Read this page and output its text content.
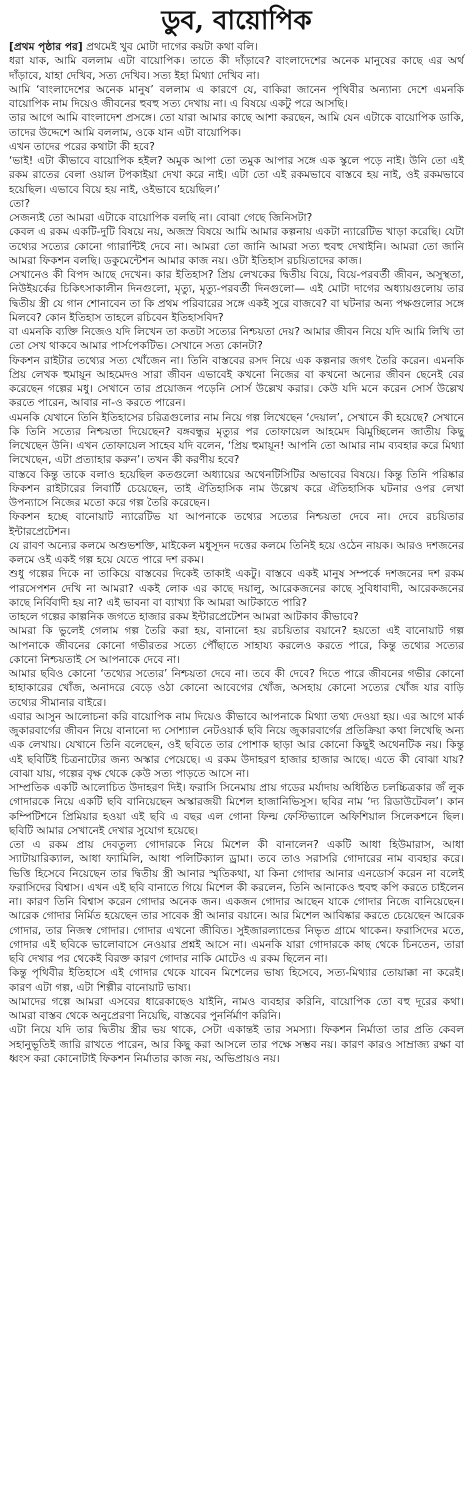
ডুব, বায়োপিক

[প্রথম পৃষ্ঠার পর] প্রথমেই খুব মোটা দাগের কয়টা কথা বলি।

ধরা যাক, আমি বললাম এটা বায়োপিক। তাতে কী দাঁড়াবে? বাংলাদেশের অনেক মানুষের কাছে এর অর্থ দাঁড়াবে, যাহা দেখিব, সত্য দেখিব। সত্য ইহা মিথ্যা দেখিব না।

আমি ‘বাংলাদেশের অনেক মানুষ’ বললাম এ কারণে যে, বাকিরা জানেন পৃথিবীর অন্যান্য দেশে এমনকি বায়োপিক নাম দিয়েও জীবনের হুবহু সত্য দেখায় না। এ বিষয়ে একটু পরে আসছি।

তার আগে আমি বাংলাদেশ প্রসঙ্গে। তো যারা আমার কাছে আশা করছেন, আমি যেন এটাকে বায়োপিক ডাকি, তাদের উদ্দেশে আমি বললাম, ওকে যান এটা বায়োপিক।

এখন তাদের পরের কথাটা কী হবে?

‘ভাই! এটা কীভাবে বায়োপিক হইল? অমুক আপা তো তমুক আপার সঙ্গে এক স্কুলে পড়ে নাই। উনি তো এই রকম রাতের বেলা ওয়াল টপকাইয়া দেখা করে নাই। এটা তো এই রকমভাবে বাস্তবে হয় নাই, ওই রকমভাবে হয়েছিল। এভাবে বিয়ে হয় নাই, ওইভাবে হয়েছিল।’

তো?

সেজন্যই তো আমরা এটাকে বায়োপিক বলছি না। বোঝা গেছে জিনিসটা?

কেবল এ রকম একটি-দুটি বিষয়ে নয়, অজস্র বিষয়ে আমি আমার কল্পনায় একটা ন্যারেটিভ খাড়া করেছি। যেটা তথ্যের সত্যের কোনো গ্যারান্টিই দেবে না। আমরা তো জানি আমরা সত্য হুবহু দেখাইনি। আমরা তো জানি আমরা ফিকশন বলছি। ডকুমেন্টেশন আমার কাজ নয়। ওটা ইতিহাস রচয়িতাদের কাজ।

সেখানেও কী বিপদ আছে দেখেন। কার ইতিহাস? প্রিয় লেখকের দ্বিতীয় বিয়ে, বিয়ে-পরবর্তী জীবন, অসুস্থতা, নিউইয়র্কের চিকিৎসাকালীন দিনগুলো, মৃত্যু, মৃত্যু-পরবর্তী দিনগুলো— এই মোটা দাগের অধ্যায়গুলোয় তার দ্বিতীয় স্ত্রী যে গান শোনাবেন তা কি প্রথম পরিবারের সঙ্গে একই সুরে বাজবে? বা ঘটনার অন্য পক্ষগুলোর সঙ্গে মিলবে? কোন ইতিহাস তাহলে রচিবেন ইতিহাসবিদ?

বা এমনকি ব্যক্তি নিজেও যদি লিখেন তা কতটা সত্যের নিশ্চয়তা দেয়? আমার জীবন নিয়ে যদি আমি লিখি তা তো সেখ থাকবে আমার পার্সপেকটিভ। সেখানে সত্য কোনটা?

ফিকশন রাইটার তথ্যের সত্য খোঁজেন না। তিনি বাস্তবের রসদ নিয়ে এক কল্পনার জগৎ তৈরি করেন। এমনকি প্রিয় লেখক হুমায়ূন আহমেদও সারা জীবন এভাবেই কখনো নিজের বা কখনো অন্যের জীবন ছেনেই বের করেছেন গল্পের মধু। সেখানে তার প্রয়োজন পড়েনি সোর্স উল্লেখ করার। কেউ যদি মনে করেন সোর্স উল্লেখ করতে পারেন, আবার না-ও করতে পারেন।

এমনকি যেখানে তিনি ইতিহাসের চরিত্রগুলোর নাম নিয়ে গল্প লিখেছেন ‘দেয়াল’, সেখানে কী হয়েছে? সেখানে কি তিনি সত্যের নিশ্চয়তা দিয়েছেন? বঙ্গবন্ধুর মৃত্যুর পর তোফায়েল আহমেদ ঝিমুচ্ছিলেন জাতীয় কিছু লিখেছেন উনি। এখন তোফায়েল সাহেব যদি বলেন, ‘প্রিয় হুমায়ূন! আপনি তো আমার নাম ব্যবহার করে মিথ্যা লিখেছেন, এটা প্রত্যাহার করুন’। তখন কী করণীয় হবে?

বাস্তবে কিন্তু তাকে বলাও হয়েছিল কতগুলো অধ্যায়ের অথেনটিসিটির অভাবের বিষয়ে। কিন্তু তিনি পরিষ্কার ফিকশন রাইটারের লিবার্টি চেয়েছেন, তাই ঐতিহাসিক নাম উল্লেখ করে ঐতিহাসিক ঘটনার ওপর লেখা উপন্যাসে নিজের মতো করে গল্প তৈরি করেছেন।

ফিকশন হচ্ছে বানোয়াট ন্যারেটিভ যা আপনাকে তথ্যের সত্যের নিশ্চয়তা দেবে না। দেবে রচয়িতার ইন্টারপ্রেটেশন।

যে রাবণ অন্যের কলমে অশুভশক্তি, মাইকেল মধুসূদন দত্তের কলমে তিনিই হয়ে ওঠেন নায়ক। আরও দশজনের কলমে ওই একই গল্প হয়ে যেতে পারে দশ রকম।

শুধু গল্পের দিকে না তাকিয়ে বাস্তবের দিকেই তাকাই একটু। বাস্তবে একই মানুষ সম্পর্কে দশজনের দশ রকম পারসেপশন দেখি না আমরা? একই লোক এর কাছে দয়ালু, আরেকজনের কাছে সুবিধাবাদী, আরেকজনের কাছে নির্বিবাদী হয় না? এই ভাবনা বা ব্যাখ্যা কি আমরা আটকাতে পারি?

তাহলে গল্পের কাল্পনিক জগতে হাজার রকম ইন্টারপ্রেটেশন আমরা আটকাব কীভাবে?

আমরা কি ভুলেই গেলাম গল্প তৈরি করা হয়, বানানো হয় রচয়িতার বয়ানে? হয়তো এই বানোয়াট গল্প আপনাকে জীবনের কোনো গভীরতর সত্যে পৌঁছাতে সাহায্য করলেও করতে পারে, কিন্তু তথ্যের সত্যের কোনো নিশ্চয়তাই সে আপনাকে দেবে না।

আমার ছবিও কোনো ‘তথ্যের সত্যের’ নিশ্চয়তা দেবে না। তবে কী দেবে? দিতে পারে জীবনের গভীর কোনো হাহাকারের খোঁজ, অনাদরে বেড়ে ওঠা কোনো আবেগের খোঁজ, অসহায় কোনো সত্যের খোঁজ যার বাড়ি তথ্যের সীমানার বাইরে।

এবার আসুন আলোচনা করি বায়োপিক নাম দিয়েও কীভাবে আপনাকে মিথ্যা তথ্য দেওয়া হয়। এর আগে মার্ক জুকারবার্গের জীবন নিয়ে বানানো দ্য সোশ্যাল নেটওয়ার্ক ছবি নিয়ে জুকারবার্গের প্রতিক্রিয়া কথা লিখেছি অন্য এক লেখায়। যেখানে তিনি বলেছেন, ওই ছবিতে তার পোশাক ছাড়া আর কোনো কিছুই অথেনটিক নয়। কিন্তু এই ছবিটিই চিত্রনাট্যের জন্য অস্কার পেয়েছে। এ রকম উদাহরণ হাজার হাজার আছে। এতে কী বোঝা যায়? বোঝা যায়, গল্পের বৃক্ষ থেকে কেউ সত্য পাড়তে আসে না।

সাম্প্রতিক একটি আলোচিত উদাহরণ দিই। ফরাসি সিনেমায় প্রায় গডের মর্যাদায় অধিষ্ঠিত চলচ্চিত্রকার জঁ লুক গোদারকে নিয়ে একটি ছবি বানিয়েছেন অস্কারজয়ী মিশেল হাজানিভিসুস। ছবির নাম ‘দ্য রিডাউটেবল’। কান কম্পিটিশনে প্রিমিয়ার হওয়া এই ছবি এ বছর এল গোনা ফিল্ম ফেস্টিভ্যালে অফিশিয়াল সিলেকশনে ছিল। ছবিটি আমার সেখানেই দেখার সুযোগ হয়েছে।

তো এ রকম প্রায় দেবতুল্য গোদারকে নিয়ে মিশেল কী বানালেন? একটি আধা হিউমারাস, আধা স্যাটায়ারিক্যাল, আধা ফ্যামিলি, আধা পলিটিক্যাল ড্রামা। তবে তাও সরাসরি গোদারের নাম ব্যবহার করে। ভিত্তি হিসেবে নিয়েছেন তার দ্বিতীয় স্ত্রী আনার স্মৃতিকথা, যা কিনা গোদার আনার এনডোর্স করেন না বলেই ফরাসিদের বিশ্বাস। এখন এই ছবি বানাতে গিয়ে মিশেল কী করলেন, তিনি আনাকেও হুবহু কপি করতে চাইলেন না। কারণ তিনি বিশ্বাস করেন গোদার অনেক জন। একজন গোদার আছেন যাকে গোদার নিজে বানিয়েছেন। আরেক গোদার নির্মিত হয়েছেন তার সাবেক স্ত্রী আনার বয়ানে। আর মিশেল আবিষ্কার করতে চেয়েছেন আরেক গোদার, তার নিজস্ব গোদার। গোদার এখনো জীবিত। সুইজারল্যান্ডের নিভৃত গ্রামে থাকেন। ফরাসিদের মতে, গোদার এই ছবিকে ভালোবাসে নেওয়ার প্রশ্নই আসে না। এমনকি যারা গোদারকে কাছ থেকে চিনতেন, তারা ছবি দেখার পর থেকেই বিরক্ত কারণ গোদার নাকি মোটেও এ রকম ছিলেন না।

কিন্তু পৃথিবীর ইতিহাসে এই গোদার থেকে যাবেন মিশেলের ভাষ্য হিসেবে, সত্য-মিথ্যার তোয়াক্কা না করেই। কারণ এটা গল্প, এটা শিল্পীর বানোয়াট ভাষ্য।

আমাদের গল্পে আমরা এসবের ধারেকাছেও যাইনি, নামও ব্যবহার করিনি, বায়োপিক তো বহু দূরের কথা। আমরা বাস্তব থেকে অনুপ্রেরণা নিয়েছি, বাস্তবের পুনর্নির্মাণ করিনি।

এটা নিয়ে যদি তার দ্বিতীয় স্ত্রীর ভয় থাকে, সেটা একান্তই তার সমস্যা। ফিকশন নির্মাতা তার প্রতি কেবল সহানুভূতিই জারি রাখতে পারেন, আর কিছু করা আসলে তার পক্ষে সম্ভব নয়। কারণ কারও সাম্রাজ্য রক্ষা বা ধ্বংস করা কোনোটাই ফিকশন নির্মাতার কাজ নয়, অভিপ্রায়ও নয়।
